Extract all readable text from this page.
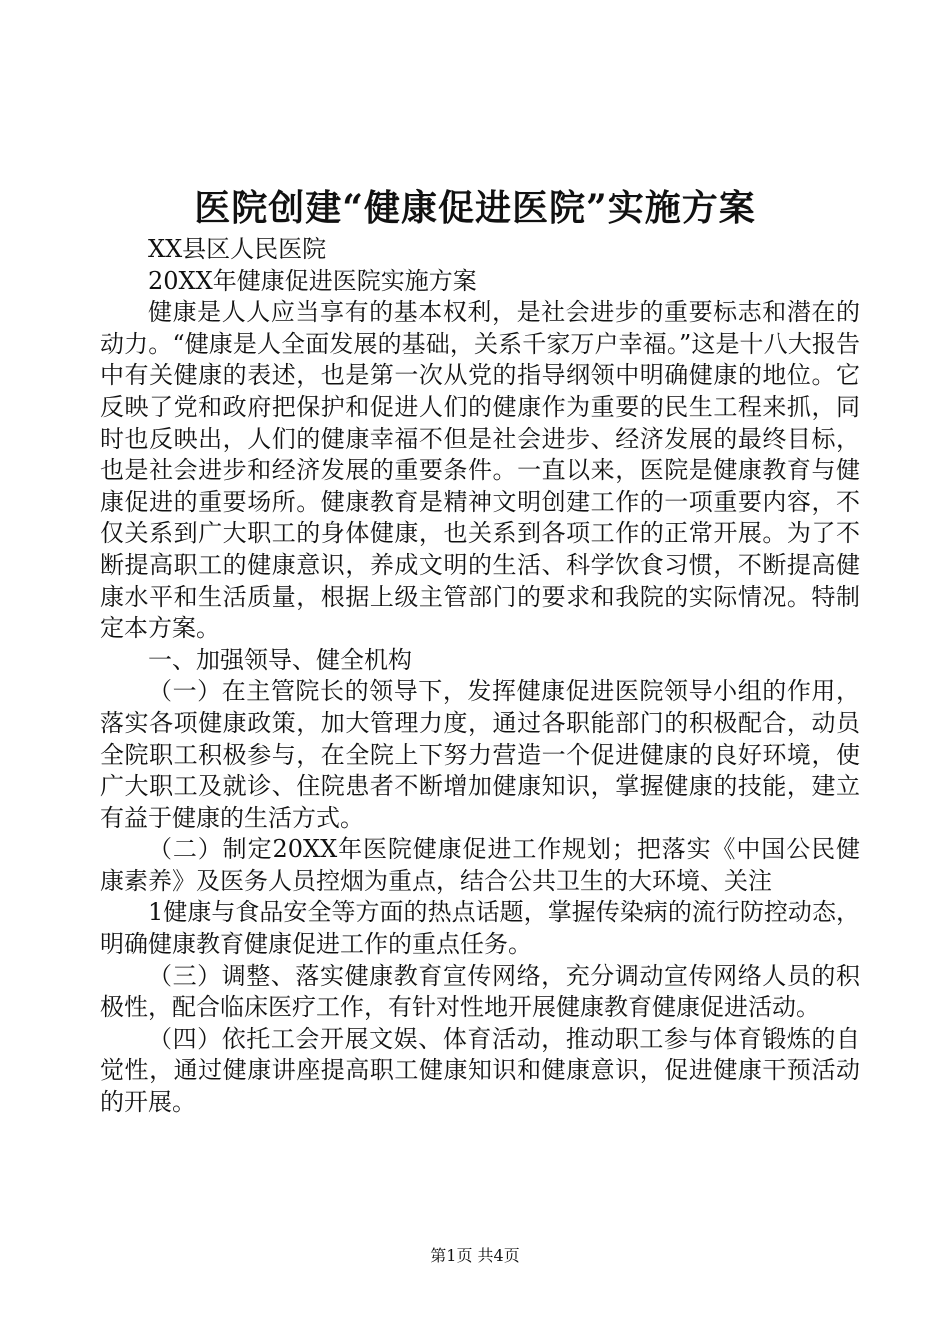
医院创建“健康促进医院”实施方案

XX县区人民医院

20XX年健康促进医院实施方案

健康是人人应当享有的基本权利，是社会进步的重要标志和潜在的动力。“健康是人全面发展的基础，关系千家万户幸福。”这是十八大报告中有关健康的表述，也是第一次从党的指导纲领中明确健康的地位。它反映了党和政府把保护和促进人们的健康作为重要的民生工程来抓，同时也反映出，人们的健康幸福不但是社会进步、经济发展的最终目标，也是社会进步和经济发展的重要条件。一直以来，医院是健康教育与健康促进的重要场所。健康教育是精神文明创建工作的一项重要内容，不仅关系到广大职工的身体健康，也关系到各项工作的正常开展。为了不断提高职工的健康意识，养成文明的生活、科学饮食习惯，不断提高健康水平和生活质量，根据上级主管部门的要求和我院的实际情况。特制定本方案。

一、加强领导、健全机构

（一）在主管院长的领导下，发挥健康促进医院领导小组的作用，落实各项健康政策，加大管理力度，通过各职能部门的积极配合，动员全院职工积极参与，在全院上下努力营造一个促进健康的良好环境，使广大职工及就诊、住院患者不断增加健康知识，掌握健康的技能，建立有益于健康的生活方式。

（二）制定20XX年医院健康促进工作规划；把落实《中国公民健康素养》及医务人员控烟为重点，结合公共卫生的大环境、关注

1健康与食品安全等方面的热点话题，掌握传染病的流行防控动态，明确健康教育健康促进工作的重点任务。

（三）调整、落实健康教育宣传网络，充分调动宣传网络人员的积极性，配合临床医疗工作，有针对性地开展健康教育健康促进活动。

（四）依托工会开展文娱、体育活动，推动职工参与体育锻炼的自觉性，通过健康讲座提高职工健康知识和健康意识，促进健康干预活动的开展。

第1页 共4页
